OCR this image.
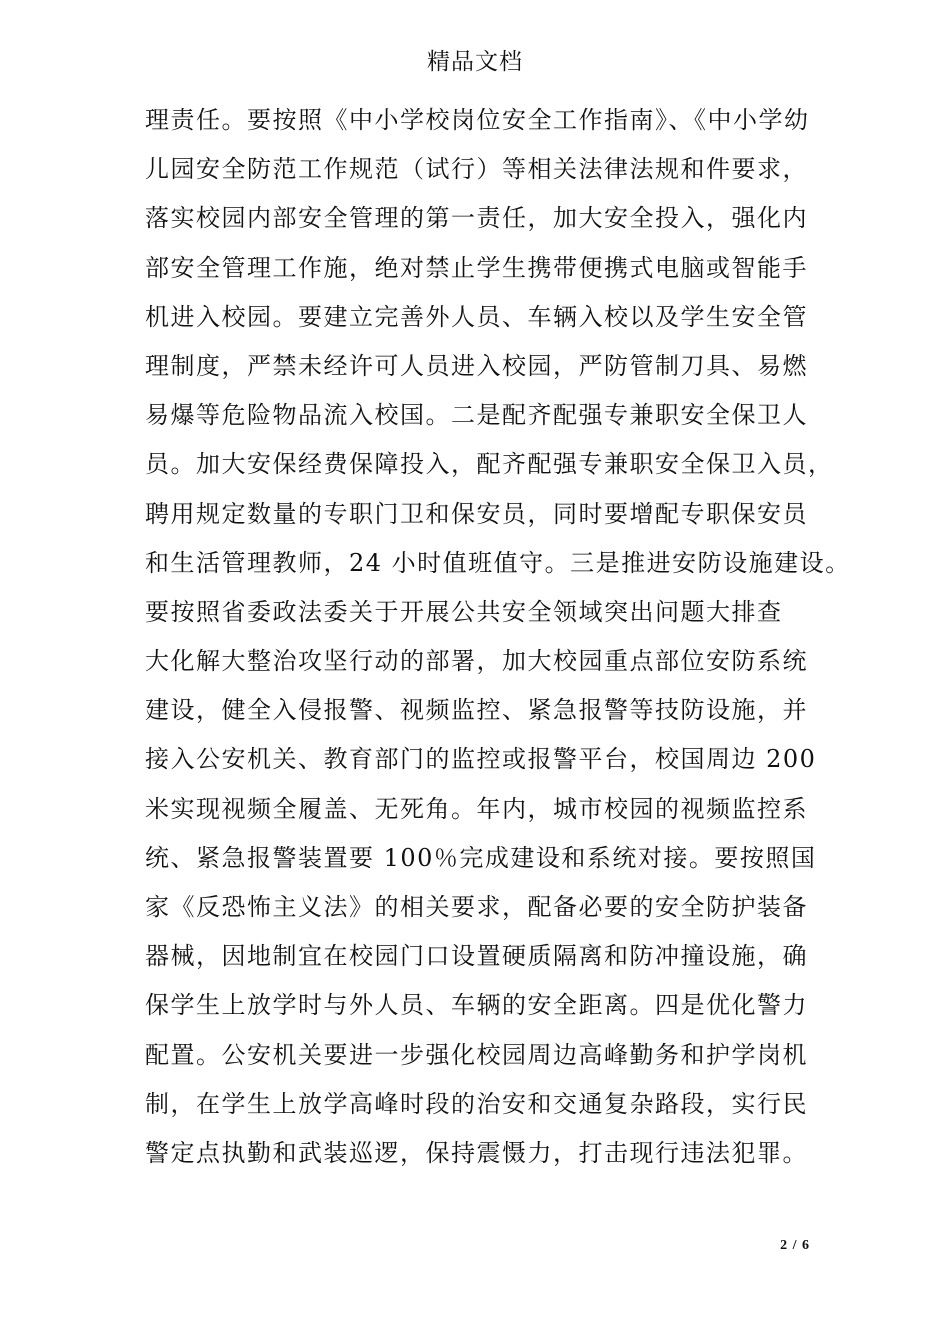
精品文档
理责任。要按照《中小学校岗位安全工作指南》、《中小学幼
儿园安全防范工作规范（试行）等相关法律法规和件要求，
落实校园内部安全管理的第一责任，加大安全投入，强化内
部安全管理工作施，绝对禁止学生携带便携式电脑或智能手
机进入校园。要建立完善外人员、车辆入校以及学生安全管
理制度，严禁未经许可人员进入校园，严防管制刀具、易燃
易爆等危险物品流入校国。二是配齐配强专兼职安全保卫人
员。加大安保经费保障投入，配齐配强专兼职安全保卫入员，
聘用规定数量的专职门卫和保安员，同时要增配专职保安员
和生活管理教师，24 小时值班值守。三是推进安防设施建设。
要按照省委政法委关于开展公共安全领域突出问题大排查
大化解大整治攻坚行动的部署，加大校园重点部位安防系统
建设，健全入侵报警、视频监控、紧急报警等技防设施，并
接入公安机关、教育部门的监控或报警平台，校国周边 200
米实现视频全履盖、无死角。年内，城市校园的视频监控系
统、紧急报警装置要 100％完成建设和系统对接。要按照国
家《反恐怖主义法》的相关要求，配备必要的安全防护装备
器械，因地制宜在校园门口设置硬质隔离和防冲撞设施，确
保学生上放学时与外人员、车辆的安全距离。四是优化警力
配置。公安机关要进一步强化校园周边高峰勤务和护学岗机
制，在学生上放学高峰时段的治安和交通复杂路段，实行民
警定点执勤和武装巡逻，保持震慑力，打击现行违法犯罪。
2 / 6
